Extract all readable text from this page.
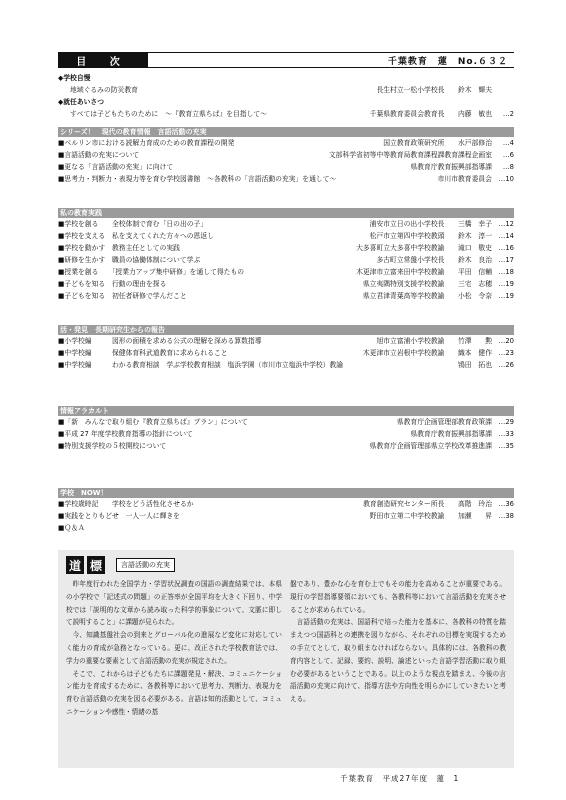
目 次	千葉教育　蓮　No.６３２
◆学校自慢
地域ぐるみの防災教育	長生村立一松小学校長　　鈴木　輝夫
◆就任あいさつ
すべては子どもたちのために　～『教育立県ちば』を目指して～	千葉県教育委員会教育長　　内藤　敏也	…2
シリーズ！　現代の教育情報　言語活動の充実
■ベルリン市における読解力育成のための教育課程の開発	国立教育政策研究所　　水戸部修治	…4
■言語活動の充実について	文部科学省初等中等教育局教育課程課教育課程企画室	…6
■更なる「言語活動の充実」に向けて	県教育庁教育振興部指導課	…8
■思考力・判断力・表現力等を育む学校図書館　～各教科の「言語活動の充実」を通して～	市川市教育委員会 …10
私の教育実践
■学校を創る　　全校体制で育む「日の出の子」	浦安市立日の出小学校長　　三橋　幸子 …12
■学校を支える　私を支えてくれた方々への恩返し	松戸市立第四中学校教頭　　鈴木　淳一 …14
■学校を動かす　教務主任としての実践	大多喜町立大多喜中学校教諭　　滝口　敬史 …16
■研修を生かす　職員の協働体制について学ぶ	多古町立常盤小学校長　　鈴木　良治 …17
■授業を創る　　「授業力アップ集中研修」を通して得たもの	木更津市立富来田中学校教諭　　平田　信輔 …18
■子どもを知る　行動の理由を探る	県立夷隅特別支援学校教諭　　三宅　志穂 …19
■子どもを知る　初任者研修で学んだこと	県立君津青葉高等学校教諭　　小松　令奈 …19
活・発見　長期研究生からの報告
■小学校編　　　図形の面積を求める公式の理解を深める算数指導	旭市立富浦小学校教諭　　竹澤　　勲 …20
■中学校編　　　保健体育科武道教育に求められること	木更津市立岩根中学校教諭　　織本　健作 …23
■中学校編　　　わかる教育相談　学ぶ学校教育相談　塩浜学園（市川市立塩浜中学校）教諭	鴇田　拓也 …26
情報アラカルト
■「新　みんなで取り組む『教育立県ちば』プラン」について	県教育庁企画管理部教育政策課 …29
■平成 27 年度学校教育指導の指針について	県教育庁教育振興部指導課 …33
■特別支援学校の５校開校について	県教育庁企画管理部県立学校改革推進課 …35
学校　NOW！
■学校歳時記　　学校をどう活性化させるか	教育創造研究センター所長　　高階　玲治 …36
■実践をとりもどせ　一人一人に輝きを	野田市立第二中学校教諭　　加瀬　　昇 …38
■Ｑ＆Ａ
道 標	言語活動の充実

昨年度行われた全国学力・学習状況調査の国語の調査結果では、本県の小学校で「記述式の問題」の正答率が全国平均を大きく下回り、中学校では「説明的な文章から読み取った科学的事象について、文脈に即して説明すること」に課題が見られた。

今、知識基盤社会の到来とグローバル化の進展など変化に対応していく能力の育成が急務となっている。更に、改正された学校教育法では、学力の重要な要素として言語活動の充実が規定された。

そこで、これからは子どもたちに課題発見・解決、コミュニケーション能力を育成するために、各教科等において思考力、判断力、表現力を育む言語活動の充実を図る必要がある。言語は知的活動として、コミュニケーションや感性・情緒の基

盤であり、豊かな心を育む上でもその能力を高めることが重要である。現行の学習指導要領においても、各教科等において言語活動を充実させることが求められている。

言語活動の充実は、国語科で培った能力を基本に、各教科の特質を踏まえつつ国語科との連携を図りながら、それぞれの目標を実現するための手立てとして、取り組まなければならない。具体的には、各教科の教育内容として、記録、要約、説明、論述といった言語学習活動に取り組む必要があるということである。以上のような視点を踏まえ、今後の言語活動の充実に向けて、指導方法や方向性を明らかにしていきたいと考える。

千葉教育　平成27年度　蓮　1
